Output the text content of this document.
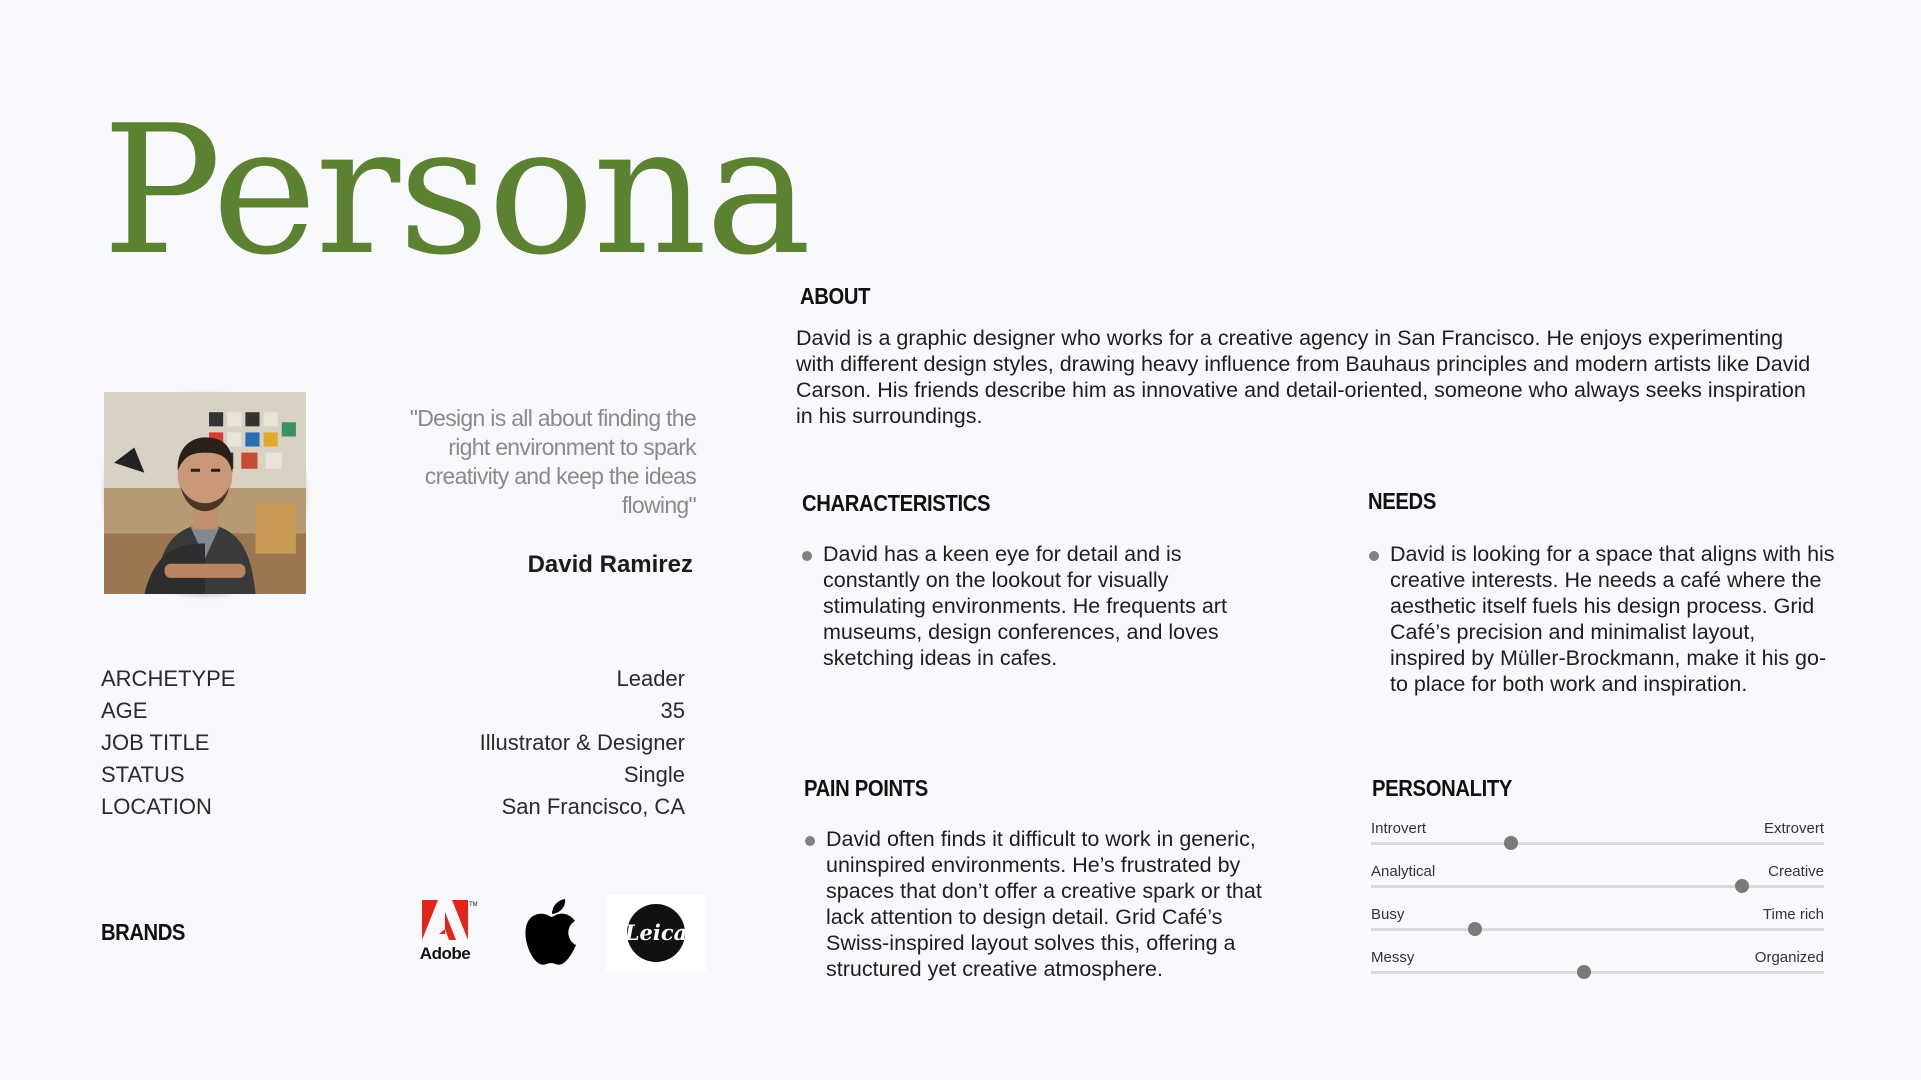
Persona
"Design is all about finding the right environment to spark creativity and keep the ideas flowing"
David Ramirez
ARCHETYPE	Leader
AGE	35
JOB TITLE	Illustrator & Designer
STATUS	Single
LOCATION	San Francisco, CA
BRANDS
TM
Adobe
Leica
ABOUT
David is a graphic designer who works for a creative agency in San Francisco. He enjoys experimenting with different design styles, drawing heavy influence from Bauhaus principles and modern artists like David Carson. His friends describe him as innovative and detail-oriented, someone who always seeks inspiration in his surroundings.
CHARACTERISTICS
David has a keen eye for detail and is constantly on the lookout for visually stimulating environments. He frequents art museums, design conferences, and loves sketching ideas in cafes.
NEEDS
David is looking for a space that aligns with his creative interests. He needs a café where the aesthetic itself fuels his design process. Grid Café’s precision and minimalist layout, inspired by Müller-Brockmann, make it his go-to place for both work and inspiration.
PAIN POINTS
David often finds it difficult to work in generic, uninspired environments. He’s frustrated by spaces that don’t offer a creative spark or that lack attention to design detail. Grid Café’s Swiss-inspired layout solves this, offering a structured yet creative atmosphere.
PERSONALITY
Introvert	Extrovert
Analytical	Creative
Busy	Time rich
Messy	Organized
